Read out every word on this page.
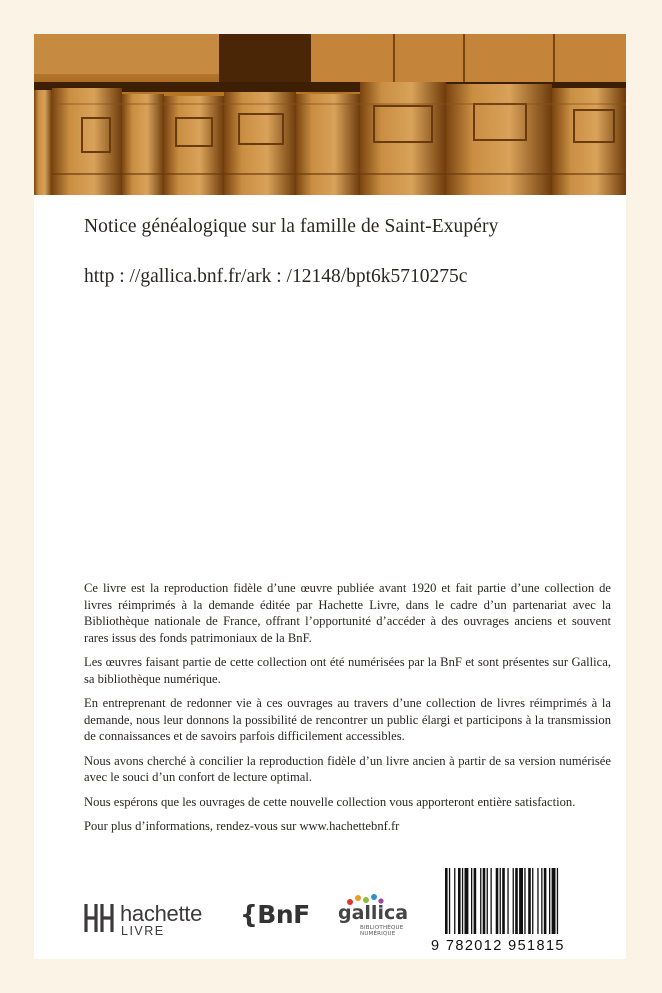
Notice généalogique sur la famille de Saint-Exupéry
http : //gallica.bnf.fr/ark : /12148/bpt6k5710275c

Ce livre est la reproduction fidèle d’une œuvre publiée avant 1920 et fait partie d’une collection de livres réimprimés à la demande éditée par Hachette Livre, dans le cadre d’un partenariat avec la Bibliothèque nationale de France, offrant l’opportunité d’accéder à des ouvrages anciens et souvent rares issus des fonds patrimoniaux de la BnF.

Les œuvres faisant partie de cette collection ont été numérisées par la BnF et sont présentes sur Gallica, sa bibliothèque numérique.

En entreprenant de redonner vie à ces ouvrages au travers d’une collection de livres réimprimés à la demande, nous leur donnons la possibilité de rencontrer un public élargi et participons à la transmission de connaissances et de savoirs parfois difficilement accessibles.

Nous avons cherché à concilier la reproduction fidèle d’un livre ancien à partir de sa version numérisée avec le souci d’un confort de lecture optimal.

Nous espérons que les ouvrages de cette nouvelle collection vous apporteront entière satisfaction.

Pour plus d’informations, rendez-vous sur www.hachettebnf.fr

hachette
LIVRE
{BnF gallica
BIBLIOTHÈQUE
NUMÉRIQUE
9 782012 951815
